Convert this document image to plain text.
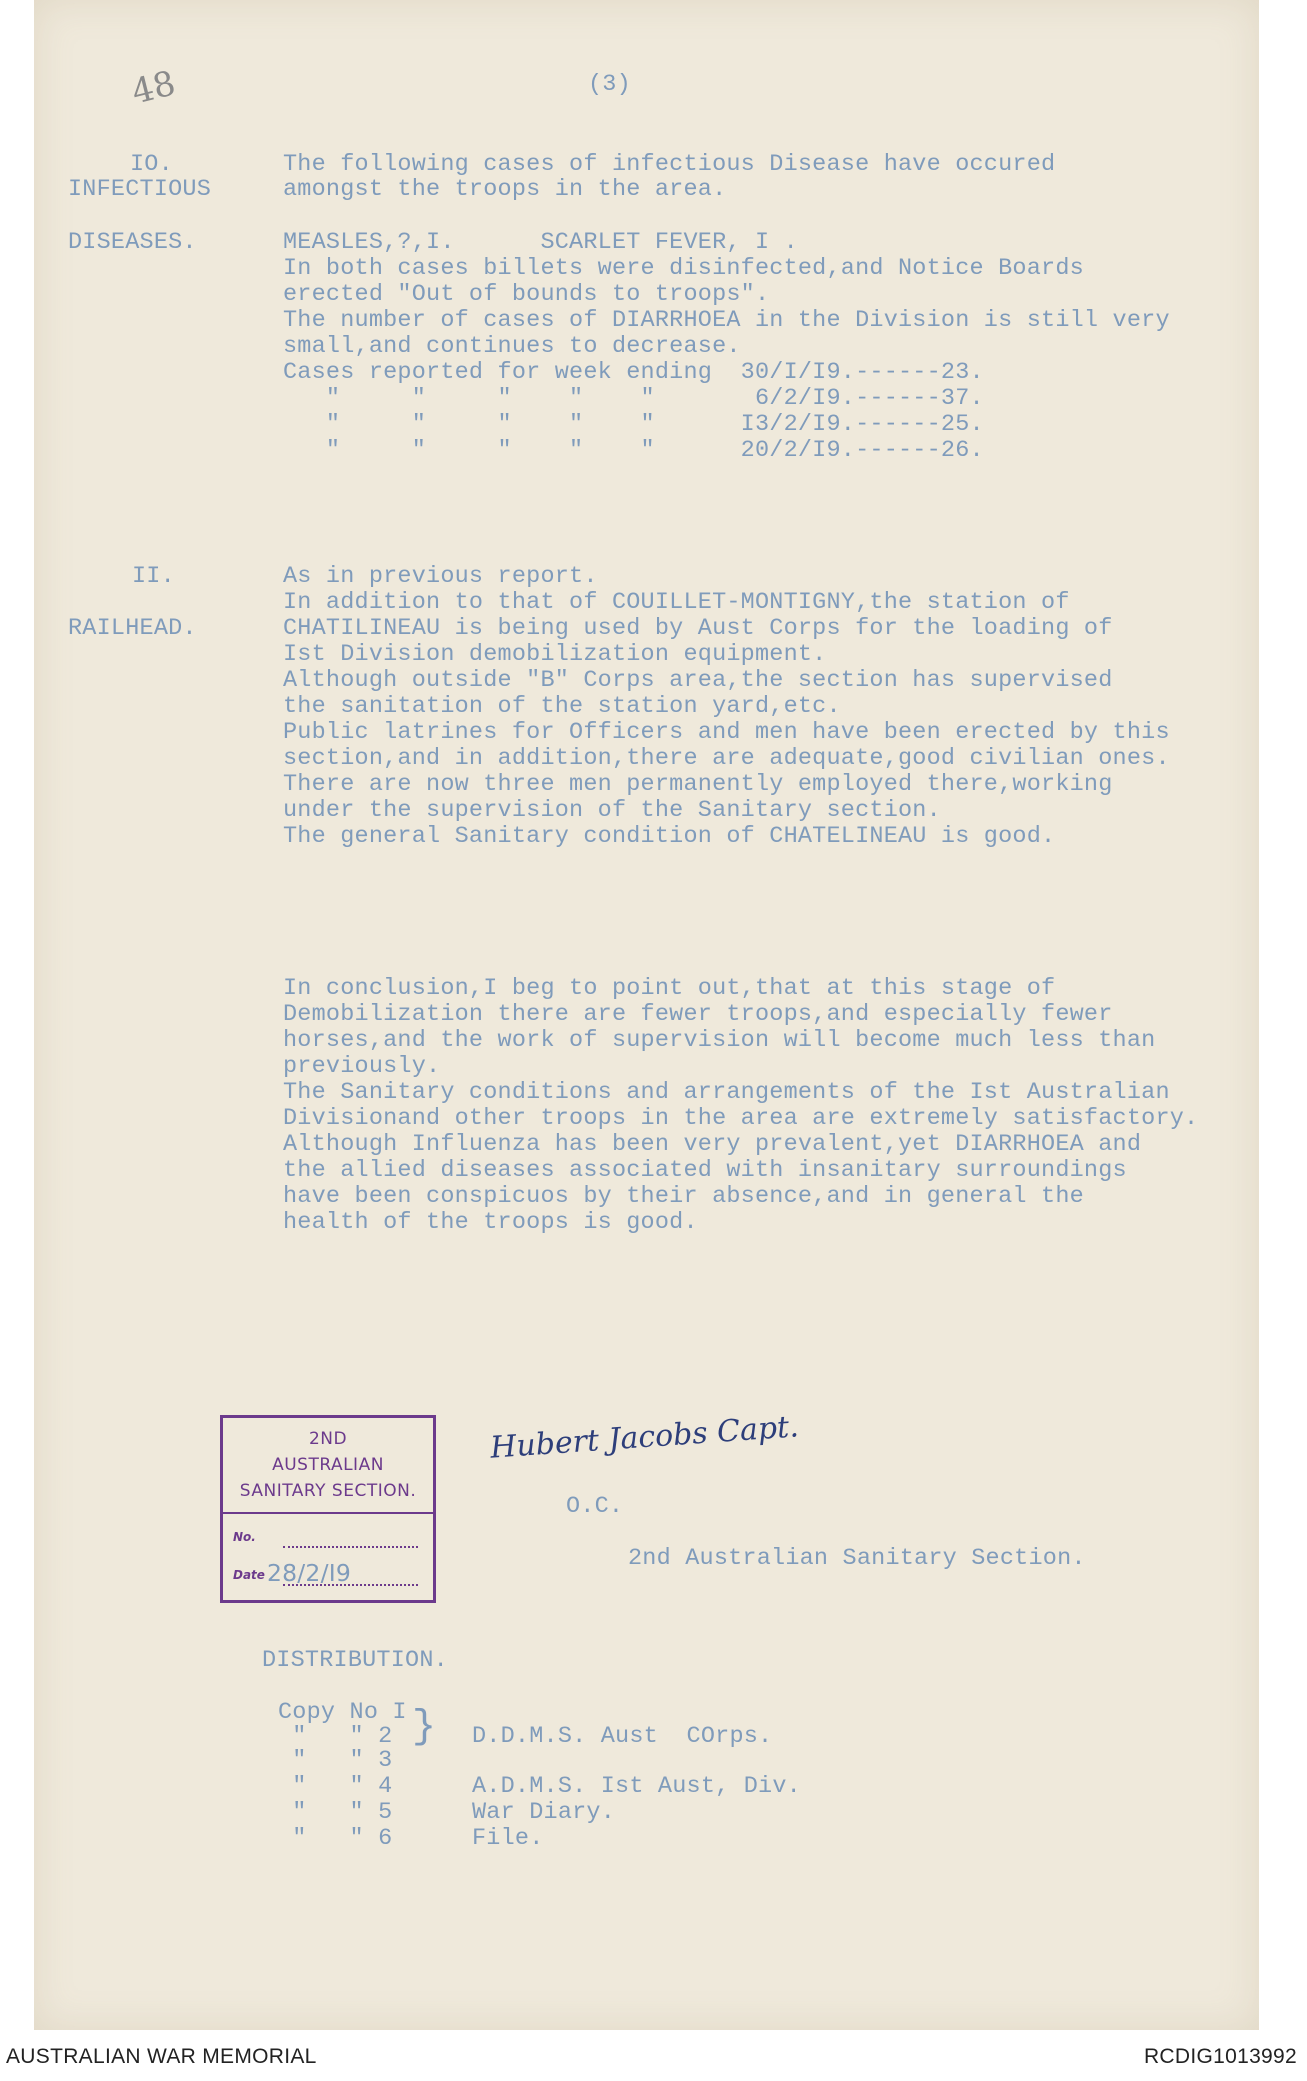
48	(3)
IO.
INFECTIOUS
DISEASES.
The following cases of infectious Disease have occured
amongst the troops in the area.
MEASLES,?,I.      SCARLET FEVER, I .
In both cases billets were disinfected,and Notice Boards
erected "Out of bounds to troops".
The number of cases of DIARRHOEA in the Division is still very
small,and continues to decrease.
Cases reported for week ending  30/I/I9.------23.
"     "     "    "    "       6/2/I9.------37.
"     "     "    "    "      I3/2/I9.------25.
"     "     "    "    "      20/2/I9.------26.
II.
RAILHEAD.
As in previous report.
In addition to that of COUILLET-MONTIGNY,the station of
CHATILINEAU is being used by Aust Corps for the loading of
Ist Division demobilization equipment.
Although outside "B" Corps area,the section has supervised
the sanitation of the station yard,etc.
Public latrines for Officers and men have been erected by this
section,and in addition,there are adequate,good civilian ones.
There are now three men permanently employed there,working
under the supervision of the Sanitary section.
The general Sanitary condition of CHATELINEAU is good.
In conclusion,I beg to point out,that at this stage of
Demobilization there are fewer troops,and especially fewer
horses,and the work of supervision will become much less than
previously.
The Sanitary conditions and arrangements of the Ist Australian
Divisionand other troops in the area are extremely satisfactory.
Although Influenza has been very prevalent,yet DIARRHOEA and
the allied diseases associated with insanitary surroundings
have been conspicuos by their absence,and in general the
health of the troops is good.
2ND
AUSTRALIAN
SANITARY SECTION.
No.
Date 28/2/I9
Hubert Jacobs Capt.
O.C.
2nd Australian Sanitary Section.
DISTRIBUTION.
Copy No I
"   " 2
"   " 3
"   " 4
"   " 5
"   " 6
} D.D.M.S. Aust  COrps.
A.D.M.S. Ist Aust, Div.
War Diary.
File.
AUSTRALIAN WAR MEMORIAL	RCDIG1013992
